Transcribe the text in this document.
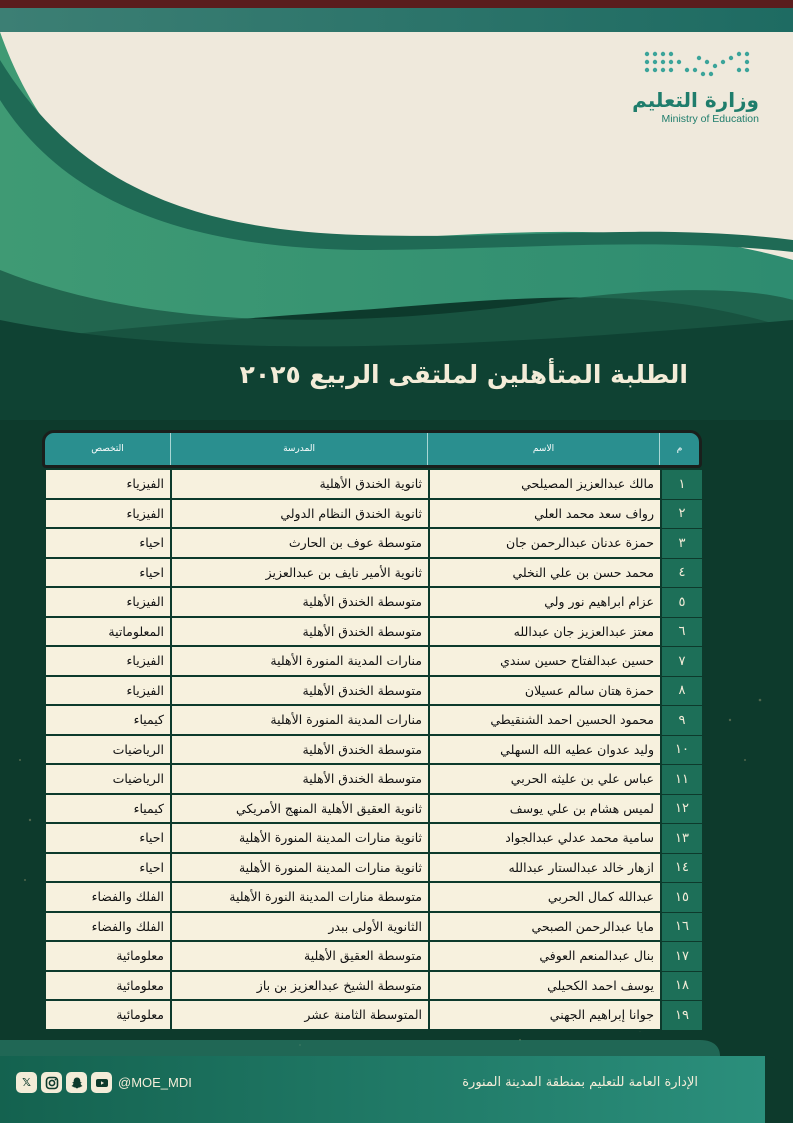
وزارة التعليم
Ministry of Education
الطلبة المتأهلين لملتقى الربيع ٢٠٢٥
م
الاسم
المدرسة
التخصص
١
مالك عبدالعزيز المصيلحي
ثانوية الخندق الأهلية
الفيزياء
٢
رواف سعد محمد العلي
ثانوية الخندق النظام الدولي
الفيزياء
٣
حمزة عدنان عبدالرحمن جان
متوسطة عوف بن الحارث
احياء
٤
محمد حسن بن علي النخلي
ثانوية الأمير نايف بن عبدالعزيز
احياء
٥
عزام ابراهيم نور ولي
متوسطة الخندق الأهلية
الفيزياء
٦
معتز عبدالعزيز جان عبدالله
متوسطة الخندق الأهلية
المعلوماتية
٧
حسين عبدالفتاح حسين سندي
منارات المدينة المنورة الأهلية
الفيزياء
٨
حمزة هتان سالم عسيلان
متوسطة الخندق الأهلية
الفيزياء
٩
محمود الحسين احمد الشنقيطي
منارات المدينة المنورة الأهلية
كيمياء
١٠
وليد عدوان عطيه الله السهلي
متوسطة الخندق الأهلية
الرياضيات
١١
عباس علي بن عليثه الحربي
متوسطة الخندق الأهلية
الرياضيات
١٢
لميس هشام بن علي يوسف
ثانوية العقيق الأهلية المنهج الأمريكي
كيمياء
١٣
سامية محمد عدلي عبدالجواد
ثانوية منارات المدينة المنورة الأهلية
احياء
١٤
ازهار خالد عبدالستار عبدالله
ثانوية منارات المدينة المنورة الأهلية
احياء
١٥
عبدالله كمال الحربي
متوسطة منارات المدينة النورة الأهلية
الفلك والفضاء
١٦
مايا عبدالرحمن الصبحي
الثانوية الأولى ببدر
الفلك والفضاء
١٧
بنال عبدالمنعم العوفي
متوسطة العقيق الأهلية
معلومائية
١٨
يوسف احمد الكحيلي
متوسطة الشيخ عبدالعزيز بن باز
معلومائية
١٩
جوانا إبراهيم الجهني
المتوسطة الثامنة عشر
معلومائية
الإدارة العامة للتعليم بمنطقة المدينة المنورة
𝕏	@MOE_MDI
